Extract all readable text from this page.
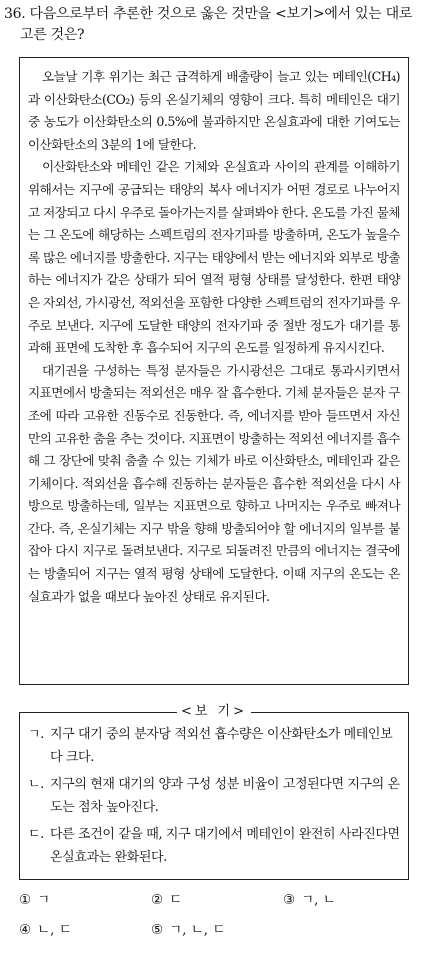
36. 다음으로부터 추론한 것으로 옳은 것만을 <보기>에서 있는 대로
고른 것은?

오늘날 기후 위기는 최근 급격하게 배출량이 늘고 있는 메테인(CH₄)과 이산화탄소(CO₂) 등의 온실기체의 영향이 크다. 특히 메테인은 대기 중 농도가 이산화탄소의 0.5%에 불과하지만 온실효과에 대한 기여도는 이산화탄소의 3분의 1에 달한다.

이산화탄소와 메테인 같은 기체와 온실효과 사이의 관계를 이해하기 위해서는 지구에 공급되는 태양의 복사 에너지가 어떤 경로로 나누어지고 저장되고 다시 우주로 돌아가는지를 살펴봐야 한다. 온도를 가진 물체는 그 온도에 해당하는 스펙트럼의 전자기파를 방출하며, 온도가 높을수록 많은 에너지를 방출한다. 지구는 태양에서 받는 에너지와 외부로 방출하는 에너지가 같은 상태가 되어 열적 평형 상태를 달성한다. 한편 태양은 자외선, 가시광선, 적외선을 포함한 다양한 스펙트럼의 전자기파를 우주로 보낸다. 지구에 도달한 태양의 전자기파 중 절반 정도가 대기를 통과해 표면에 도착한 후 흡수되어 지구의 온도를 일정하게 유지시킨다.

대기권을 구성하는 특정 분자들은 가시광선은 그대로 통과시키면서 지표면에서 방출되는 적외선은 매우 잘 흡수한다. 기체 분자들은 분자 구조에 따라 고유한 진동수로 진동한다. 즉, 에너지를 받아 들뜨면서 자신만의 고유한 춤을 추는 것이다. 지표면이 방출하는 적외선 에너지를 흡수해 그 장단에 맞춰 춤출 수 있는 기체가 바로 이산화탄소, 메테인과 같은 기체이다. 적외선을 흡수해 진동하는 분자들은 흡수한 적외선을 다시 사방으로 방출하는데, 일부는 지표면으로 향하고 나머지는 우주로 빠져나간다. 즉, 온실기체는 지구 밖을 향해 방출되어야 할 에너지의 일부를 붙잡아 다시 지구로 돌려보낸다. 지구로 되돌려진 만큼의 에너지는 결국에는 방출되어 지구는 열적 평형 상태에 도달한다. 이때 지구의 온도는 온실효과가 없을 때보다 높아진 상태로 유지된다.

<보 기>
ㄱ. 지구 대기 중의 분자당 적외선 흡수량은 이산화탄소가 메테인보다 크다.
ㄴ. 지구의 현재 대기의 양과 구성 성분 비율이 고정된다면 지구의 온도는 점차 높아진다.
ㄷ. 다른 조건이 같을 때, 지구 대기에서 메테인이 완전히 사라진다면 온실효과는 완화된다.
① ㄱ	② ㄷ	③ ㄱ, ㄴ
④ ㄴ, ㄷ	⑤ ㄱ, ㄴ, ㄷ
